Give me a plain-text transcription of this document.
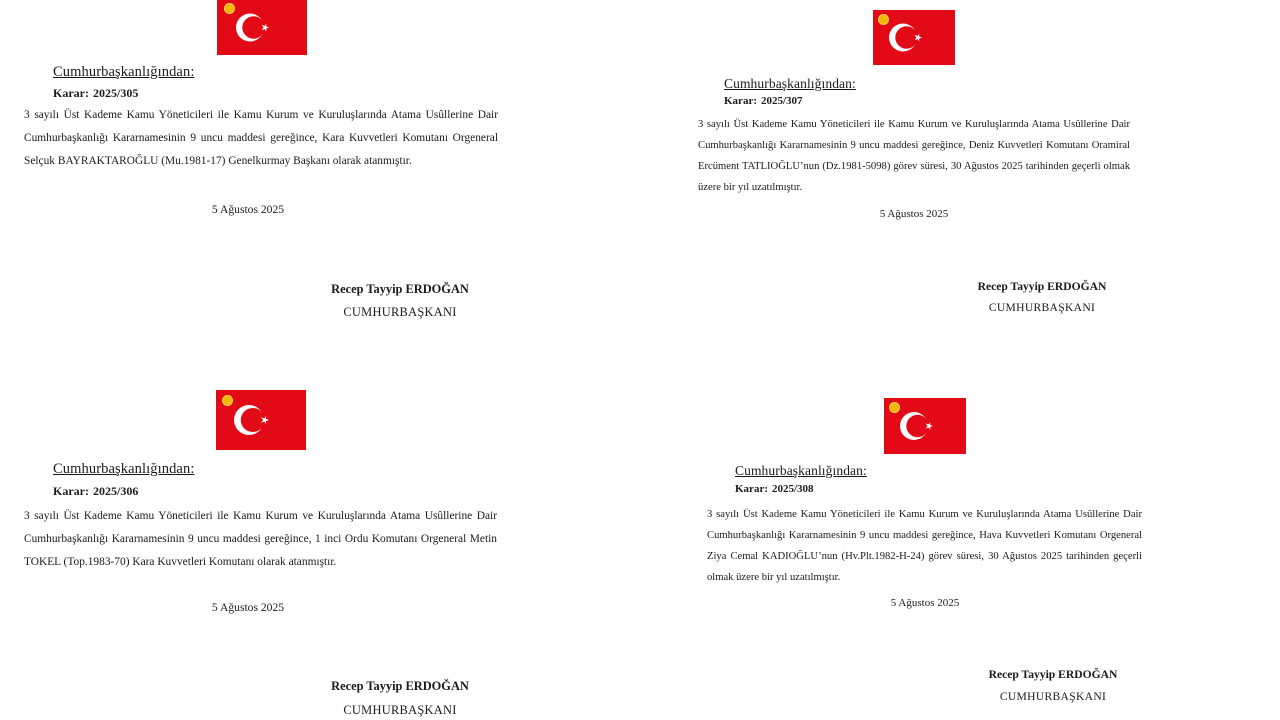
Cumhurbaşkanlığından:
Karar: 2025/305

3 sayılı Üst Kademe Kamu Yöneticileri ile Kamu Kurum ve Kuruluşlarında Atama Usûllerine Dair Cumhurbaşkanlığı Kararnamesinin 9 uncu maddesi gereğince, Kara Kuvvetleri Komutanı Orgeneral Selçuk BAYRAKTAROĞLU (Mu.1981-17) Genelkurmay Başkanı olarak atanmıştır.

5 Ağustos 2025
Recep Tayyip ERDOĞAN
CUMHURBAŞKANI
Cumhurbaşkanlığından:
Karar: 2025/307

3 sayılı Üst Kademe Kamu Yöneticileri ile Kamu Kurum ve Kuruluşlarında Atama Usûllerine Dair Cumhurbaşkanlığı Kararnamesinin 9 uncu maddesi gereğince, Deniz Kuvvetleri Komutanı Oramiral Ercüment TATLIOĞLU’nun (Dz.1981-5098) görev süresi, 30 Ağustos 2025 tarihinden geçerli olmak üzere bir yıl uzatılmıştır.

5 Ağustos 2025
Recep Tayyip ERDOĞAN
CUMHURBAŞKANI
Cumhurbaşkanlığından:
Karar: 2025/306

3 sayılı Üst Kademe Kamu Yöneticileri ile Kamu Kurum ve Kuruluşlarında Atama Usûllerine Dair Cumhurbaşkanlığı Kararnamesinin 9 uncu maddesi gereğince, 1 inci Ordu Komutanı Orgeneral Metin TOKEL (Top.1983-70) Kara Kuvvetleri Komutanı olarak atanmıştır.

5 Ağustos 2025
Recep Tayyip ERDOĞAN
CUMHURBAŞKANI
Cumhurbaşkanlığından:
Karar: 2025/308

3 sayılı Üst Kademe Kamu Yöneticileri ile Kamu Kurum ve Kuruluşlarında Atama Usûllerine Dair Cumhurbaşkanlığı Kararnamesinin 9 uncu maddesi gereğince, Hava Kuvvetleri Komutanı Orgeneral Ziya Cemal KADIOĞLU’nun (Hv.Plt.1982-H-24) görev süresi, 30 Ağustos 2025 tarihinden geçerli olmak üzere bir yıl uzatılmıştır.

5 Ağustos 2025
Recep Tayyip ERDOĞAN
CUMHURBAŞKANI
